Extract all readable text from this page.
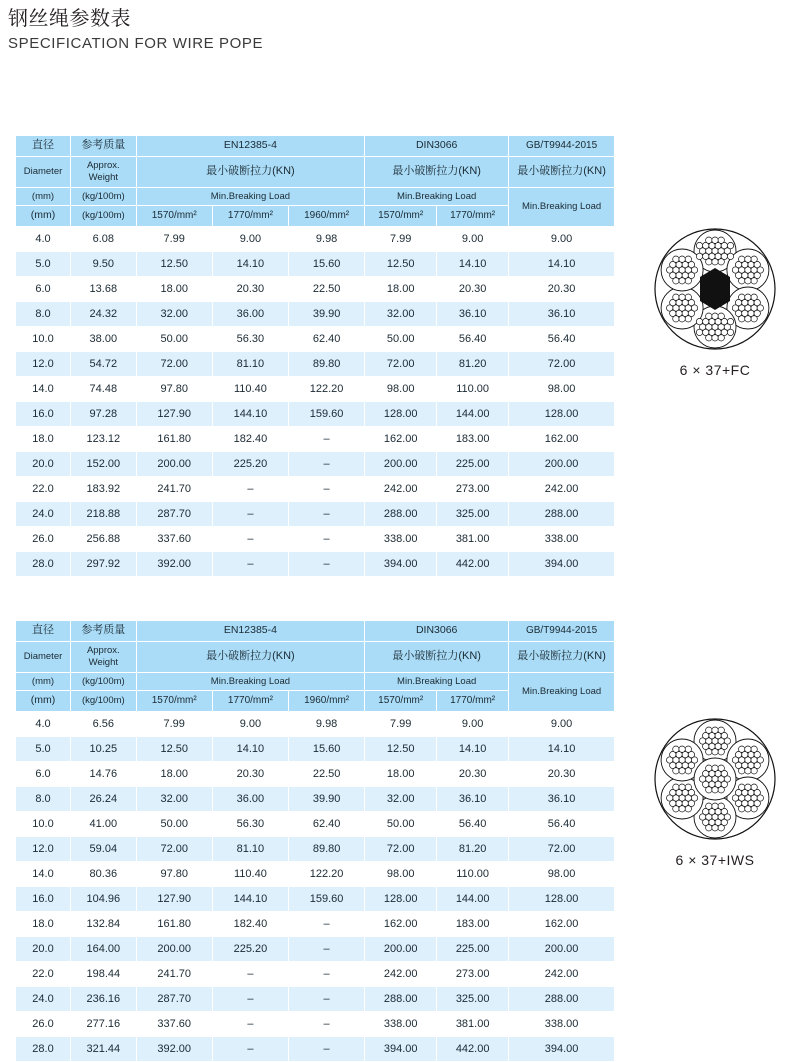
钢丝绳参数表
SPECIFICATION FOR WIRE POPE
直径	参考质量	EN12385-4			DIN3066		GB/T9944-2015
Diameter	Approx. Weight	最小破断拉力(KN)			最小破断拉力(KN)		最小破断拉力(KN)
(mm)	(kg/100m)	Min.Breaking Load			Min.Breaking Load		Min.Breaking Load
(mm)	(kg/100m)	1570/mm²	1770/mm²	1960/mm²	1570/mm²	1770/mm²	
4.0	6.08	7.99	9.00	9.98	7.99	9.00	9.00
5.0	9.50	12.50	14.10	15.60	12.50	14.10	14.10
6.0	13.68	18.00	20.30	22.50	18.00	20.30	20.30
8.0	24.32	32.00	36.00	39.90	32.00	36.10	36.10
10.0	38.00	50.00	56.30	62.40	50.00	56.40	56.40
12.0	54.72	72.00	81.10	89.80	72.00	81.20	72.00
14.0	74.48	97.80	110.40	122.20	98.00	110.00	98.00
16.0	97.28	127.90	144.10	159.60	128.00	144.00	128.00
18.0	123.12	161.80	182.40	–	162.00	183.00	162.00
20.0	152.00	200.00	225.20	–	200.00	225.00	200.00
22.0	183.92	241.70	–	–	242.00	273.00	242.00
24.0	218.88	287.70	–	–	288.00	325.00	288.00
26.0	256.88	337.60	–	–	338.00	381.00	338.00
28.0	297.92	392.00	–	–	394.00	442.00	394.00
6 × 37+FC
直径	参考质量	EN12385-4			DIN3066		GB/T9944-2015
Diameter	Approx. Weight	最小破断拉力(KN)			最小破断拉力(KN)		最小破断拉力(KN)
(mm)	(kg/100m)	Min.Breaking Load			Min.Breaking Load		Min.Breaking Load
(mm)	(kg/100m)	1570/mm²	1770/mm²	1960/mm²	1570/mm²	1770/mm²	
4.0	6.56	7.99	9.00	9.98	7.99	9.00	9.00
5.0	10.25	12.50	14.10	15.60	12.50	14.10	14.10
6.0	14.76	18.00	20.30	22.50	18.00	20.30	20.30
8.0	26.24	32.00	36.00	39.90	32.00	36.10	36.10
10.0	41.00	50.00	56.30	62.40	50.00	56.40	56.40
12.0	59.04	72.00	81.10	89.80	72.00	81.20	72.00
14.0	80.36	97.80	110.40	122.20	98.00	110.00	98.00
16.0	104.96	127.90	144.10	159.60	128.00	144.00	128.00
18.0	132.84	161.80	182.40	–	162.00	183.00	162.00
20.0	164.00	200.00	225.20	–	200.00	225.00	200.00
22.0	198.44	241.70	–	–	242.00	273.00	242.00
24.0	236.16	287.70	–	–	288.00	325.00	288.00
26.0	277.16	337.60	–	–	338.00	381.00	338.00
28.0	321.44	392.00	–	–	394.00	442.00	394.00
6 × 37+IWS
